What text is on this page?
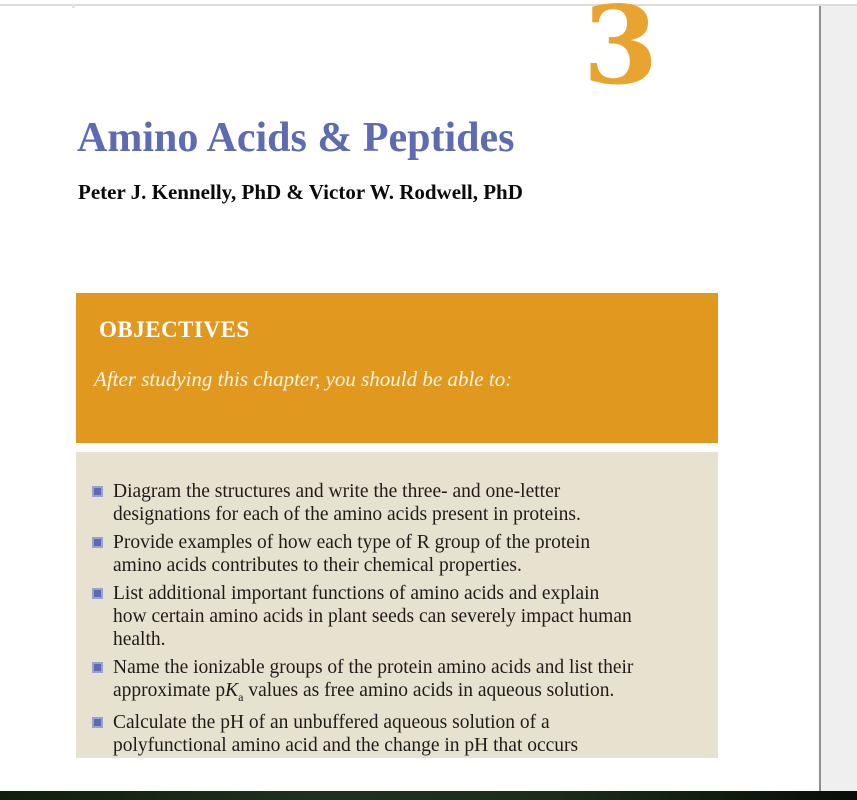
3
Amino Acids & Peptides
Peter J. Kennelly, PhD & Victor W. Rodwell, PhD
OBJECTIVES
After studying this chapter, you should be able to:
Diagram the structures and write the three- and one-letter
designations for each of the amino acids present in proteins.
Provide examples of how each type of R group of the protein
amino acids contributes to their chemical properties.
List additional important functions of amino acids and explain
how certain amino acids in plant seeds can severely impact human
health.
Name the ionizable groups of the protein amino acids and list their
approximate $pK_a$ values as free amino acids in aqueous solution.
Calculate the pH of an unbuffered aqueous solution of a
polyfunctional amino acid and the change in pH that occurs
